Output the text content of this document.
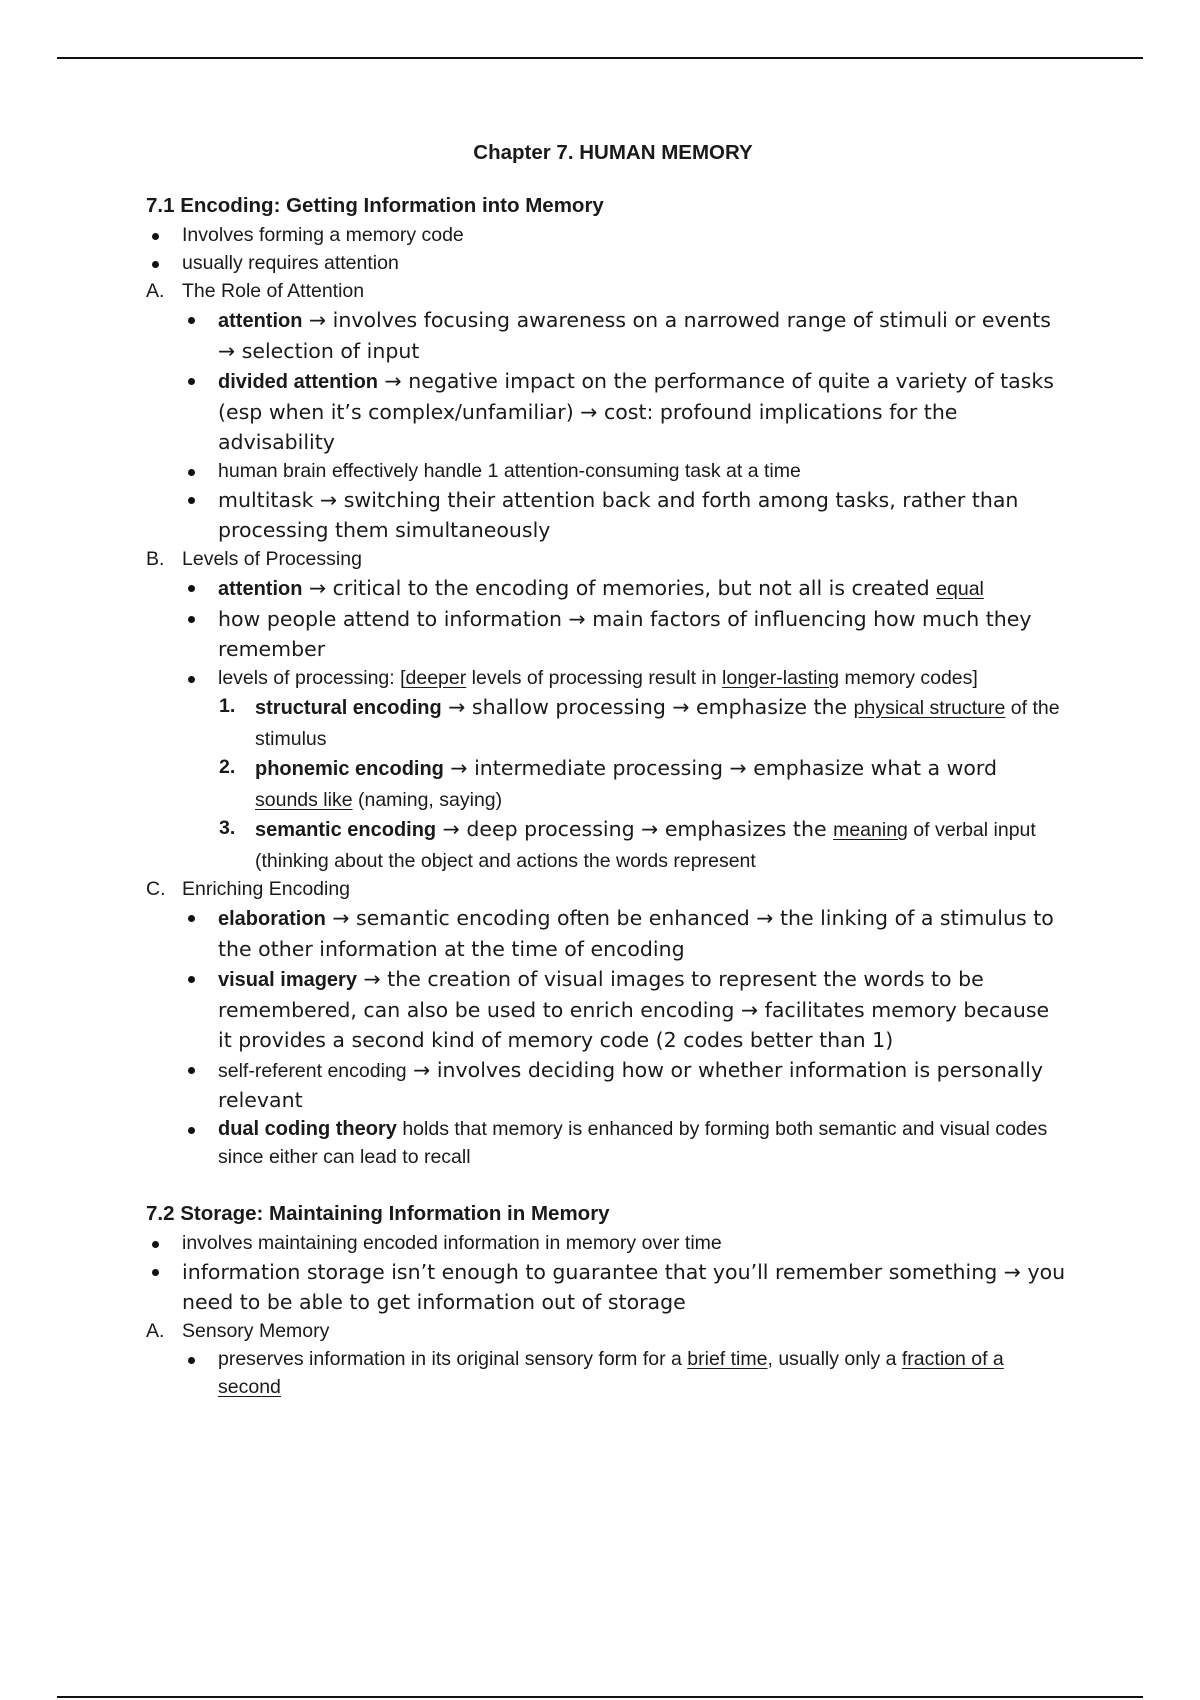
Chapter 7. HUMAN MEMORY
7.1 Encoding: Getting Information into Memory
Involves forming a memory code
usually requires attention
A. The Role of Attention
attention → involves focusing awareness on a narrowed range of stimuli or events → selection of input
divided attention → negative impact on the performance of quite a variety of tasks (esp when it’s complex/unfamiliar) → cost: profound implications for the advisability
human brain effectively handle 1 attention-consuming task at a time
multitask → switching their attention back and forth among tasks, rather than processing them simultaneously
B. Levels of Processing
attention → critical to the encoding of memories, but not all is created equal
how people attend to information → main factors of influencing how much they remember
levels of processing: [deeper levels of processing result in longer-lasting memory codes]
1. structural encoding → shallow processing → emphasize the physical structure of the stimulus
2. phonemic encoding → intermediate processing → emphasize what a word sounds like (naming, saying)
3. semantic encoding → deep processing → emphasizes the meaning of verbal input (thinking about the object and actions the words represent
C. Enriching Encoding
elaboration → semantic encoding often be enhanced → the linking of a stimulus to the other information at the time of encoding
visual imagery → the creation of visual images to represent the words to be remembered, can also be used to enrich encoding → facilitates memory because it provides a second kind of memory code (2 codes better than 1)
self-referent encoding → involves deciding how or whether information is personally relevant
dual coding theory holds that memory is enhanced by forming both semantic and visual codes since either can lead to recall
7.2 Storage: Maintaining Information in Memory
involves maintaining encoded information in memory over time
information storage isn’t enough to guarantee that you’ll remember something → you need to be able to get information out of storage
A. Sensory Memory
preserves information in its original sensory form for a brief time, usually only a fraction of a second
